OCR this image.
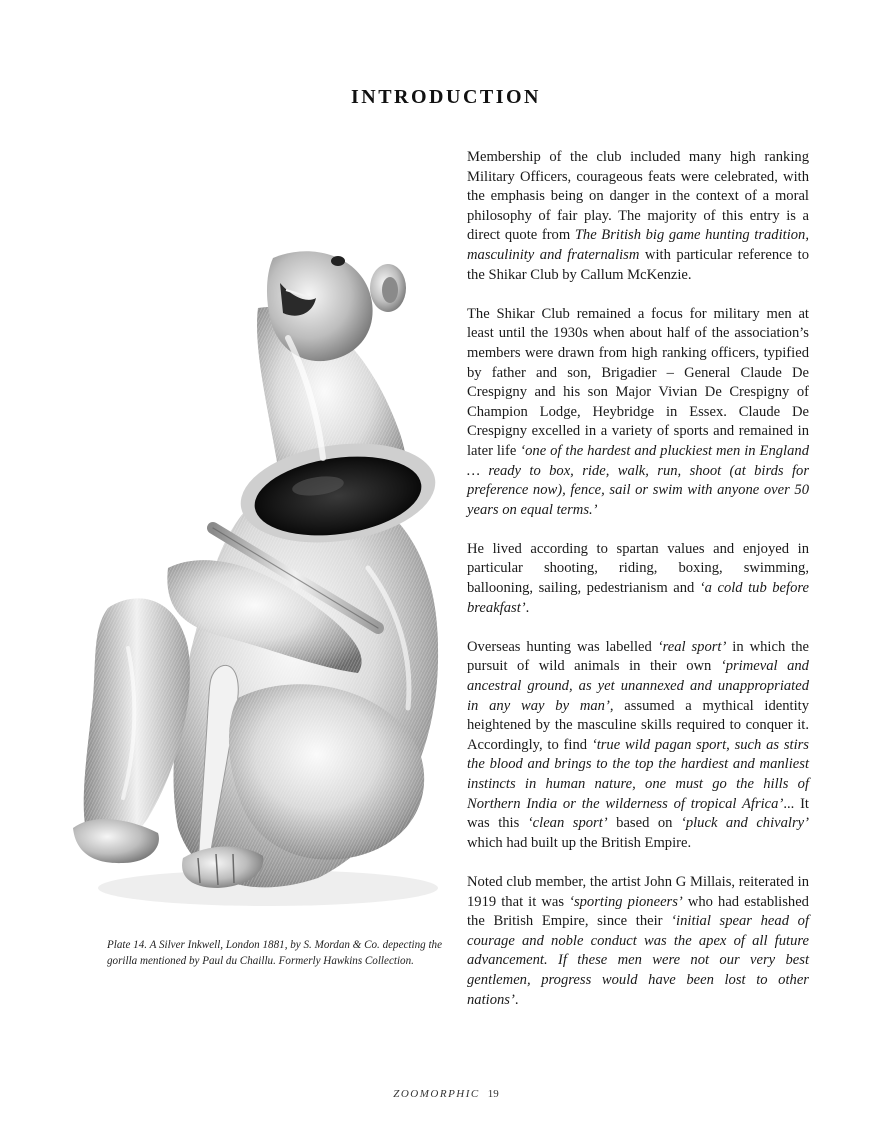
INTRODUCTION

Plate 14. A Silver Inkwell, London 1881, by S. Mordan & Co. depecting the gorilla mentioned by Paul du Chaillu. Formerly Hawkins Collection.

Membership of the club included many high ranking Military Officers, courageous feats were celebrated, with the emphasis being on danger in the context of a moral philosophy of fair play. The majority of this entry is a direct quote from The British big game hunting tradition, masculinity and fraternalism with particular reference to the Shikar Club by Callum McKenzie.

The Shikar Club remained a focus for military men at least until the 1930s when about half of the association’s members were drawn from high ranking officers, typified by father and son, Brigadier – General Claude De Crespigny and his son Major Vivian De Crespigny of Champion Lodge, Heybridge in Essex. Claude De Crespigny excelled in a variety of sports and remained in later life ‘one of the hardest and pluckiest men in England … ready to box, ride, walk, run, shoot (at birds for preference now), fence, sail or swim with anyone over 50 years on equal terms.’

He lived according to spartan values and enjoyed in particular shooting, riding, boxing, swimming, ballooning, sailing, pedestrianism and ‘a cold tub before breakfast’.

Overseas hunting was labelled ‘real sport’ in which the pursuit of wild animals in their own ‘primeval and ancestral ground, as yet unannexed and unappropriated in any way by man’, assumed a mythical identity heightened by the masculine skills required to conquer it. Accordingly, to find ‘true wild pagan sport, such as stirs the blood and brings to the top the hardiest and manliest instincts in human nature, one must go the hills of Northern India or the wilderness of tropical Africa’... It was this ‘clean sport’ based on ‘pluck and chivalry’ which had built up the British Empire.

Noted club member, the artist John G Millais, reiterated in 1919 that it was ‘sporting pioneers’ who had established the British Empire, since their ‘initial spear head of courage and noble conduct was the apex of all future advancement. If these men were not our very best gentlemen, progress would have been lost to other nations’.

ZOOMORPHIC 19
